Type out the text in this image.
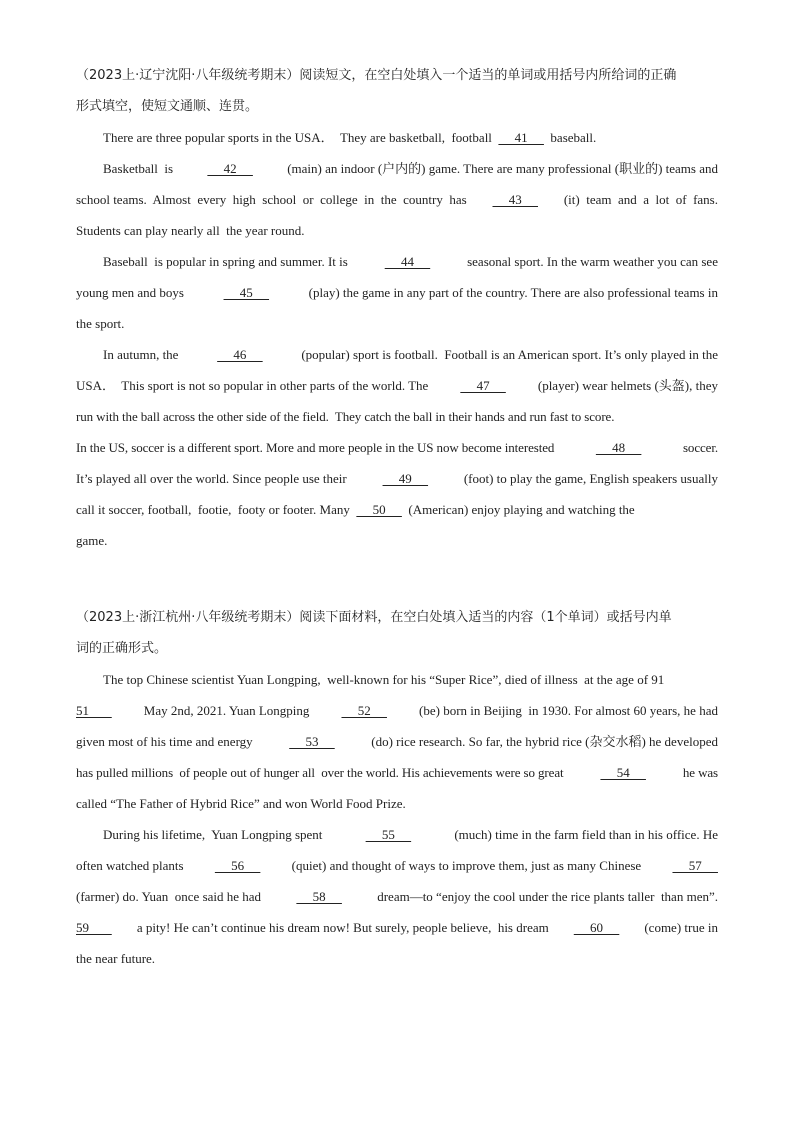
（2023上·辽宁沈阳·八年级统考期末）阅读短文，在空白处填入一个适当的单词或用括号内所给词的正确
形式填空，使短文通顺、连贯。
There are three popular sports in the USA．  They are basketball,  football 41 baseball.
Basketball  is 42 (main) an indoor (户内的) game. There are many professional (职业的) teams and
school teams.  Almost  every  high  school  or  college  in  the  country  has 43 (it)  team  and  a  lot  of  fans.
Students can play nearly all  the year round.
Baseball  is popular in spring and summer. It is 44 seasonal sport. In the warm weather you can see
young men and boys	45	(play) the game in any part of the country. There are also professional teams in
the sport.
In autumn, the 46 (popular) sport is football.  Football is an American sport. It’s only played in the
USA．  This sport is not so popular in other parts of the world. The 47 (player) wear helmets (头盔), they
run with the ball across the other side of the field.  They catch the ball in their hands and run fast to score.
In the US, soccer is a different sport. More and more people in the US now become interested	48	soccer.
It’s played all over the world. Since people use their 49 (foot) to play the game, English speakers usually
call it soccer, football,  footie,  footy or footer. Many 50 (American) enjoy playing and watching the
game.
（2023上·浙江杭州·八年级统考期末）阅读下面材料，在空白处填入适当的内容（1个单词）或括号内单
词的正确形式。
The top Chinese scientist Yuan Longping,  well-known for his “Super Rice”, died of illness  at the age of 91
51 May 2nd, 2021. Yuan Longping 52 (be) born in Beijing  in 1930. For almost 60 years, he had
given most of his time and energy 53 (do) rice research. So far, the hybrid rice (杂交水稻) he developed
has pulled millions  of people out of hunger all  over the world. His achievements were so great 54 he was
called “The Father of Hybrid Rice” and won World Food Prize.
During his lifetime,  Yuan Longping spent	55	(much) time in the farm field than in his office. He
often watched plants 56 (quiet) and thought of ways to improve them, just as many Chinese 57
(farmer) do. Yuan  once said he had 58 dream—to “enjoy the cool under the rice plants taller  than men”.
59 a pity! He can’t continue his dream now! But surely, people believe,  his dream 60 (come) true in
the near future.
